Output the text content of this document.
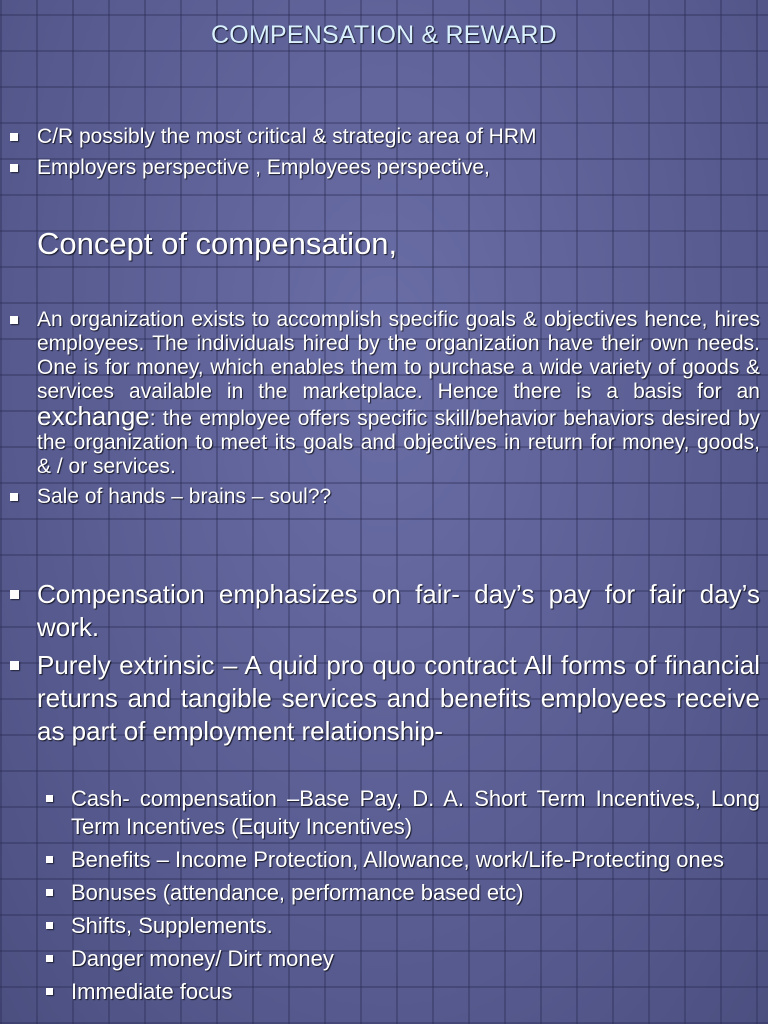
COMPENSATION & REWARD
C/R possibly the most critical & strategic area of HRM
Employers perspective , Employees perspective,
Concept of compensation,
An organization exists to accomplish specific goals & objectives hence, hires employees. The individuals hired by the organization have their own needs. One is for money, which enables them to purchase a wide variety of goods & services available in the marketplace. Hence there is a basis for an exchange: the employee offers specific skill/behavior behaviors desired by the organization to meet its goals and objectives in return for money, goods, & / or services.
Sale of hands – brains – soul??
Compensation emphasizes on fair- day’s pay for fair day’s work.
Purely extrinsic – A quid pro quo contract All forms of financial returns and tangible services and benefits employees receive as part of employment relationship-
Cash- compensation –Base Pay, D. A. Short Term Incentives, Long Term Incentives (Equity Incentives)
Benefits – Income Protection, Allowance, work/Life-Protecting ones
Bonuses (attendance, performance based etc)
Shifts, Supplements.
Danger money/ Dirt money
Immediate focus
